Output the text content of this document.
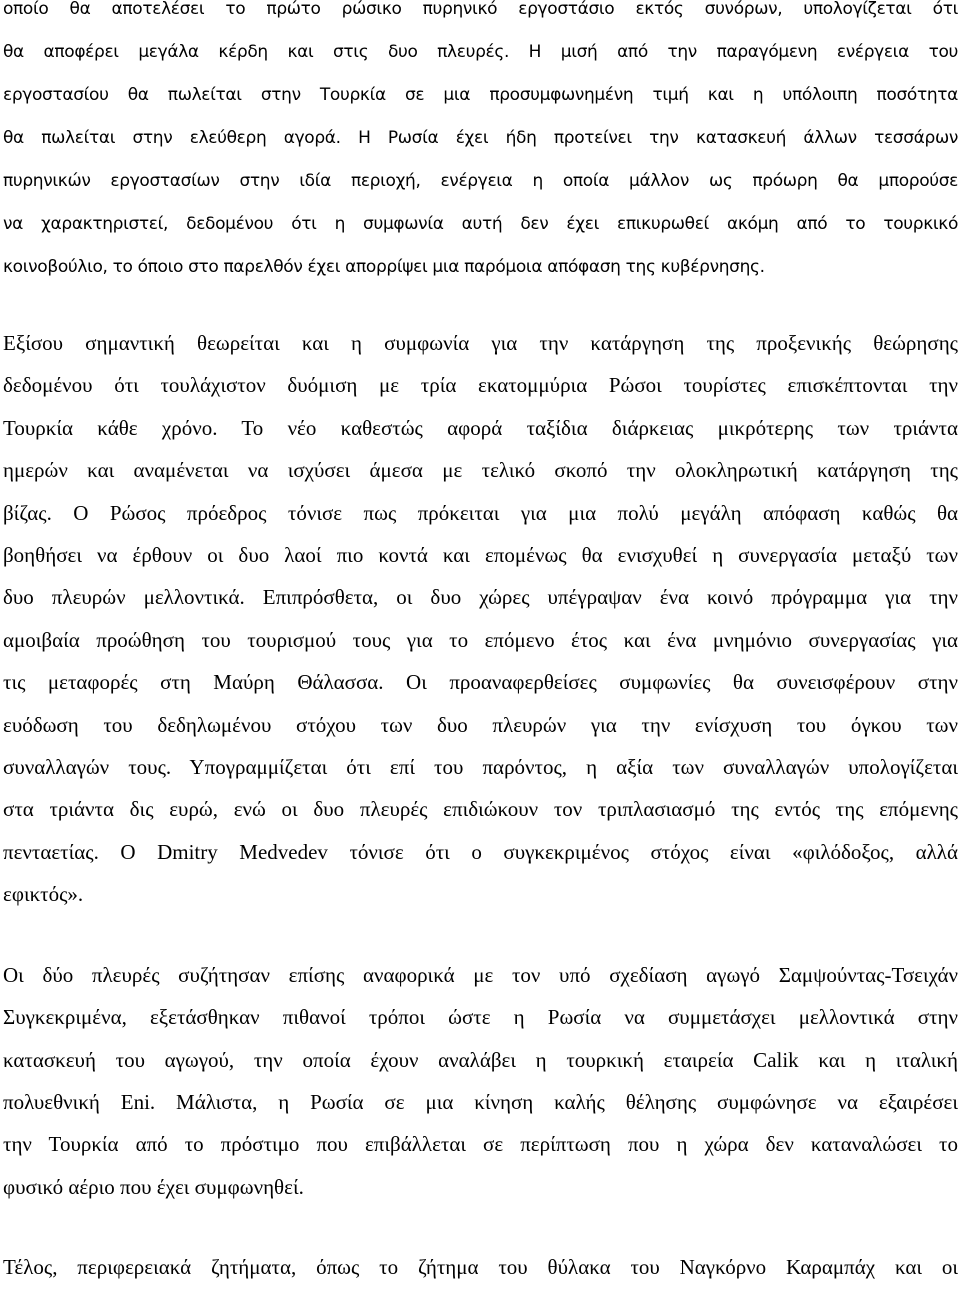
οποίο θα αποτελέσει το πρώτο ρώσικο πυρηνικό εργοστάσιο εκτός συνόρων, υπολογίζεται ότι
θα αποφέρει μεγάλα κέρδη και στις δυο πλευρές. Η μισή από την παραγόμενη ενέργεια του
εργοστασίου θα πωλείται στην Τουρκία σε μια προσυμφωνημένη τιμή και η υπόλοιπη ποσότητα
θα πωλείται στην ελεύθερη αγορά. Η Ρωσία έχει ήδη προτείνει την κατασκευή άλλων τεσσάρων
πυρηνικών εργοστασίων στην ιδία περιοχή, ενέργεια η οποία μάλλον ως πρόωρη θα μπορούσε
να χαρακτηριστεί, δεδομένου ότι η συμφωνία αυτή δεν έχει επικυρωθεί ακόμη από το τουρκικό
κοινοβούλιο, το όποιο στο παρελθόν έχει απορρίψει μια παρόμοια απόφαση της κυβέρνησης.

Εξίσου σημαντική θεωρείται και η συμφωνία για την κατάργηση της προξενικής θεώρησης
δεδομένου ότι τουλάχιστον δυόμιση με τρία εκατομμύρια Ρώσοι τουρίστες επισκέπτονται την
Τουρκία κάθε χρόνο. Το νέο καθεστώς αφορά ταξίδια διάρκειας μικρότερης των τριάντα
ημερών και αναμένεται να ισχύσει άμεσα με τελικό σκοπό την ολοκληρωτική κατάργηση της
βίζας. Ο Ρώσος πρόεδρος τόνισε πως πρόκειται για μια πολύ μεγάλη απόφαση καθώς θα
βοηθήσει να έρθουν οι δυο λαοί πιο κοντά και επομένως θα ενισχυθεί η συνεργασία μεταξύ των
δυο πλευρών μελλοντικά. Επιπρόσθετα, οι δυο χώρες υπέγραψαν ένα κοινό πρόγραμμα για την
αμοιβαία προώθηση του τουρισμού τους για το επόμενο έτος και ένα μνημόνιο συνεργασίας για
τις μεταφορές στη Μαύρη Θάλασσα. Οι προαναφερθείσες συμφωνίες θα συνεισφέρουν στην
ευόδωση του δεδηλωμένου στόχου των δυο πλευρών για την ενίσχυση του όγκου των
συναλλαγών τους. Υπογραμμίζεται ότι επί του παρόντος, η αξία των συναλλαγών υπολογίζεται
στα τριάντα δις ευρώ, ενώ οι δυο πλευρές επιδιώκουν τον τριπλασιασμό της εντός της επόμενης
πενταετίας. Ο Dmitry Medvedev τόνισε ότι ο συγκεκριμένος στόχος είναι «φιλόδοξος, αλλά
εφικτός».

Οι δύο πλευρές συζήτησαν επίσης αναφορικά με τον υπό σχεδίαση αγωγό Σαμψούντας-Τσειχάν

Συγκεκριμένα, εξετάσθηκαν πιθανοί τρόποι ώστε η Ρωσία να συμμετάσχει μελλοντικά στην
κατασκευή του αγωγού, την οποία έχουν αναλάβει η τουρκική εταιρεία Calik και η ιταλική
πολυεθνική Eni. Μάλιστα, η Ρωσία σε μια κίνηση καλής θέλησης συμφώνησε να εξαιρέσει
την Τουρκία από το πρόστιμο που επιβάλλεται σε περίπτωση που η χώρα δεν καταναλώσει το
φυσικό αέριο που έχει συμφωνηθεί.

Τέλος, περιφερειακά ζητήματα, όπως το ζήτημα του θύλακα του Ναγκόρνο Καραμπάχ και οι
